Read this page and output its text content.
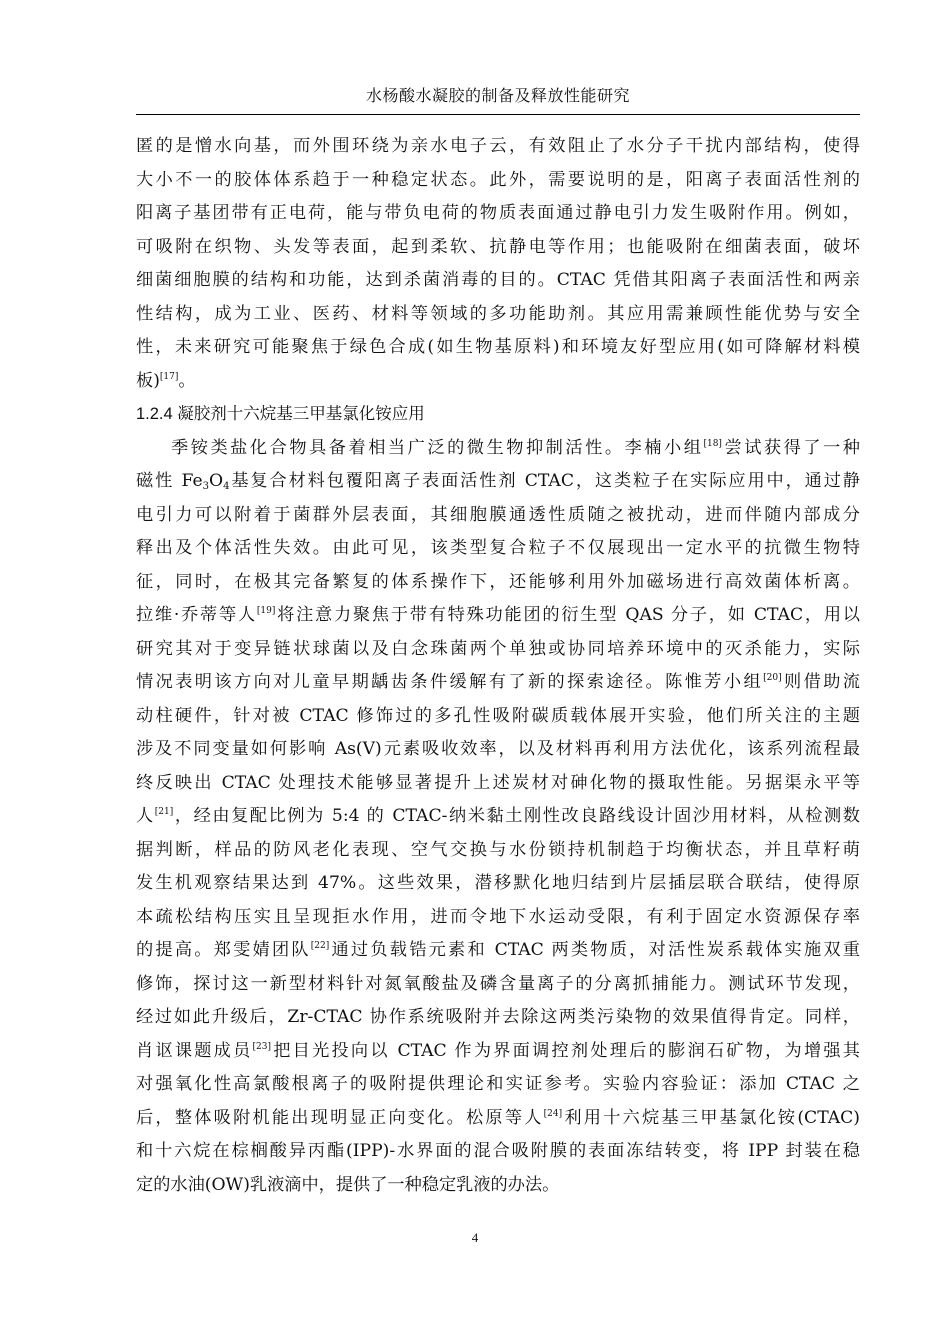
水杨酸水凝胶的制备及释放性能研究
匿的是憎水向基，而外围环绕为亲水电子云，有效阻止了水分子干扰内部结构，使得
大小不一的胶体体系趋于一种稳定状态。此外，需要说明的是，阳离子表面活性剂的
阳离子基团带有正电荷，能与带负电荷的物质表面通过静电引力发生吸附作用。例如，
可吸附在织物、头发等表面，起到柔软、抗静电等作用；也能吸附在细菌表面，破坏
细菌细胞膜的结构和功能，达到杀菌消毒的目的。CTAC 凭借其阳离子表面活性和两亲
性结构，成为工业、医药、材料等领域的多功能助剂。其应用需兼顾性能优势与安全
性，未来研究可能聚焦于绿色合成(如生物基原料)和环境友好型应用(如可降解材料模
板)[17]。
1.2.4 凝胶剂十六烷基三甲基氯化铵应用
季铵类盐化合物具备着相当广泛的微生物抑制活性。李楠小组[18]尝试获得了一种
磁性 $Fe_3O_4$基复合材料包覆阳离子表面活性剂 CTAC，这类粒子在实际应用中，通过静
电引力可以附着于菌群外层表面，其细胞膜通透性质随之被扰动，进而伴随内部成分
释出及个体活性失效。由此可见，该类型复合粒子不仅展现出一定水平的抗微生物特
征，同时，在极其完备繁复的体系操作下，还能够利用外加磁场进行高效菌体析离。
拉维·乔蒂等人[19]将注意力聚焦于带有特殊功能团的衍生型 QAS 分子，如 CTAC，用以
研究其对于变异链状球菌以及白念珠菌两个单独或协同培养环境中的灭杀能力，实际
情况表明该方向对儿童早期龋齿条件缓解有了新的探索途径。陈惟芳小组[20]则借助流
动柱硬件，针对被 CTAC 修饰过的多孔性吸附碳质载体展开实验，他们所关注的主题
涉及不同变量如何影响 As(V)元素吸收效率，以及材料再利用方法优化，该系列流程最
终反映出 CTAC 处理技术能够显著提升上述炭材对砷化物的摄取性能。另据渠永平等
人[21]，经由复配比例为 5:4 的 CTAC-纳米黏土刚性改良路线设计固沙用材料，从检测数
据判断，样品的防风老化表现、空气交换与水份锁持机制趋于均衡状态，并且草籽萌
发生机观察结果达到 47%。这些效果，潜移默化地归结到片层插层联合联结，使得原
本疏松结构压实且呈现拒水作用，进而令地下水运动受限，有利于固定水资源保存率
的提高。郑雯婧团队[22]通过负载锆元素和 CTAC 两类物质，对活性炭系载体实施双重
修饰，探讨这一新型材料针对氮氧酸盐及磷含量离子的分离抓捕能力。测试环节发现，
经过如此升级后，Zr-CTAC 协作系统吸附并去除这两类污染物的效果值得肯定。同样，
肖讴课题成员[23]把目光投向以 CTAC 作为界面调控剂处理后的膨润石矿物，为增强其
对强氧化性高氯酸根离子的吸附提供理论和实证参考。实验内容验证：添加 CTAC 之
后，整体吸附机能出现明显正向变化。松原等人[24]利用十六烷基三甲基氯化铵(CTAC)
和十六烷在棕榈酸异丙酯(IPP)-水界面的混合吸附膜的表面冻结转变，将 IPP 封装在稳
定的水油(OW)乳液滴中，提供了一种稳定乳液的办法。
4
